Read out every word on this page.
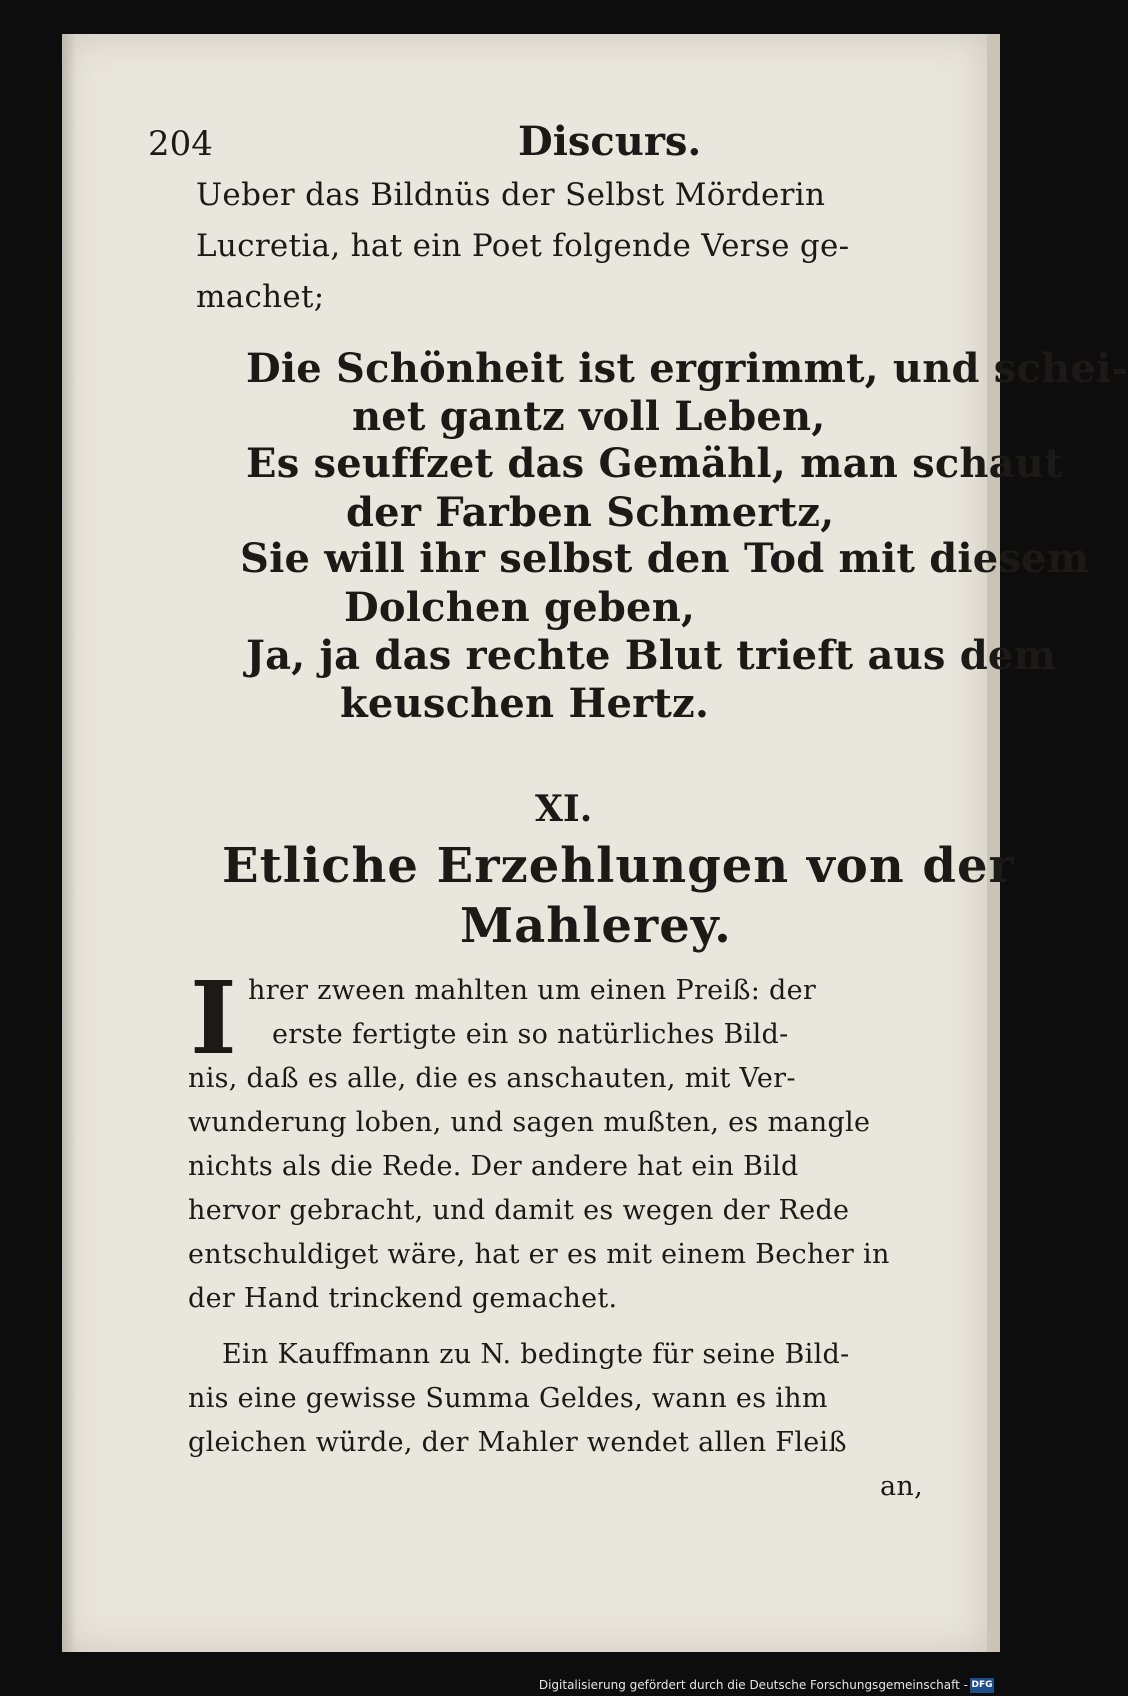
204	Discurs.
Ueber das Bildnüs der Selbst Mörderin
Lucretia, hat ein Poet folgende Verse ge-
machet;
Die Schönheit ist ergrimmt, und schei-
net gantz voll Leben,
Es seuffzet das Gemähl, man schaut
der Farben Schmertz,
Sie will ihr selbst den Tod mit diesem
Dolchen geben,
Ja, ja das rechte Blut trieft aus dem
keuschen Hertz.
XI.
Etliche Erzehlungen von der
Mahlerey.
I hrer zween mahlten um einen Preiß: der
erste fertigte ein so natürliches Bild-
nis, daß es alle, die es anschauten, mit Ver-
wunderung loben, und sagen mußten, es mangle
nichts als die Rede. Der andere hat ein Bild
hervor gebracht, und damit es wegen der Rede
entschuldiget wäre, hat er es mit einem Becher in
der Hand trinckend gemachet.
Ein Kauffmann zu N. bedingte für seine Bild-
nis eine gewisse Summa Geldes, wann es ihm
gleichen würde, der Mahler wendet allen Fleiß
an,
Digitalisierung gefördert durch die Deutsche Forschungsgemeinschaft - DFG
